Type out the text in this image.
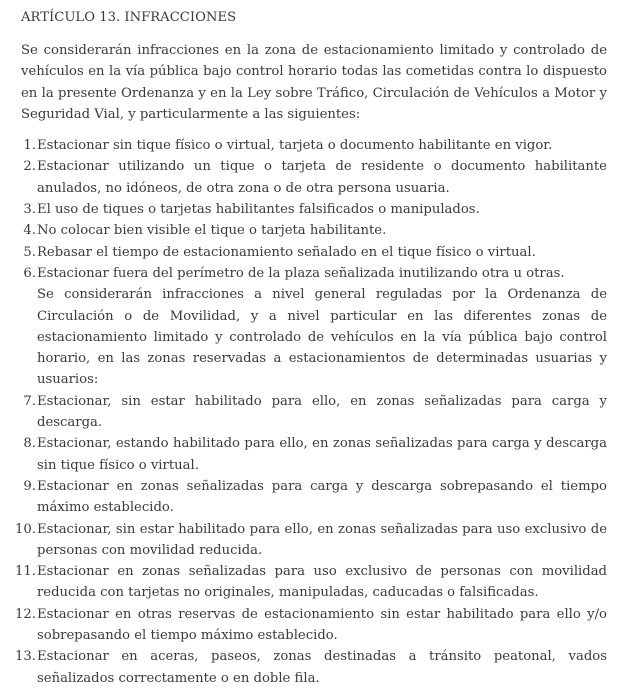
ARTÍCULO 13. INFRACCIONES

Se considerarán infracciones en la zona de estacionamiento limitado y controlado de vehículos en la vía pública bajo control horario todas las cometidas contra lo dispuesto en la presente Ordenanza y en la Ley sobre Tráfico, Circulación de Vehículos a Motor y Seguridad Vial, y particularmente a las siguientes:

1. Estacionar sin tique físico o virtual, tarjeta o documento habilitante en vigor.
2. Estacionar utilizando un tique o tarjeta de residente o documento habilitante anulados, no idóneos, de otra zona o de otra persona usuaria.
3. El uso de tiques o tarjetas habilitantes falsificados o manipulados.
4. No colocar bien visible el tique o tarjeta habilitante.
5. Rebasar el tiempo de estacionamiento señalado en el tique físico o virtual.
6. Estacionar fuera del perímetro de la plaza señalizada inutilizando otra u otras.

Se considerarán infracciones a nivel general reguladas por la Ordenanza de Circulación o de Movilidad, y a nivel particular en las diferentes zonas de estacionamiento limitado y controlado de vehículos en la vía pública bajo control horario, en las zonas reservadas a estacionamientos de determinadas usuarias y usuarios:

7. Estacionar, sin estar habilitado para ello, en zonas señalizadas para carga y descarga.
8. Estacionar, estando habilitado para ello, en zonas señalizadas para carga y descarga sin tique físico o virtual.
9. Estacionar en zonas señalizadas para carga y descarga sobrepasando el tiempo máximo establecido.
10. Estacionar, sin estar habilitado para ello, en zonas señalizadas para uso exclusivo de personas con movilidad reducida.
11. Estacionar en zonas señalizadas para uso exclusivo de personas con movilidad reducida con tarjetas no originales, manipuladas, caducadas o falsificadas.
12. Estacionar en otras reservas de estacionamiento sin estar habilitado para ello y/o sobrepasando el tiempo máximo establecido.
13. Estacionar en aceras, paseos, zonas destinadas a tránsito peatonal, vados señalizados correctamente o en doble fila.
